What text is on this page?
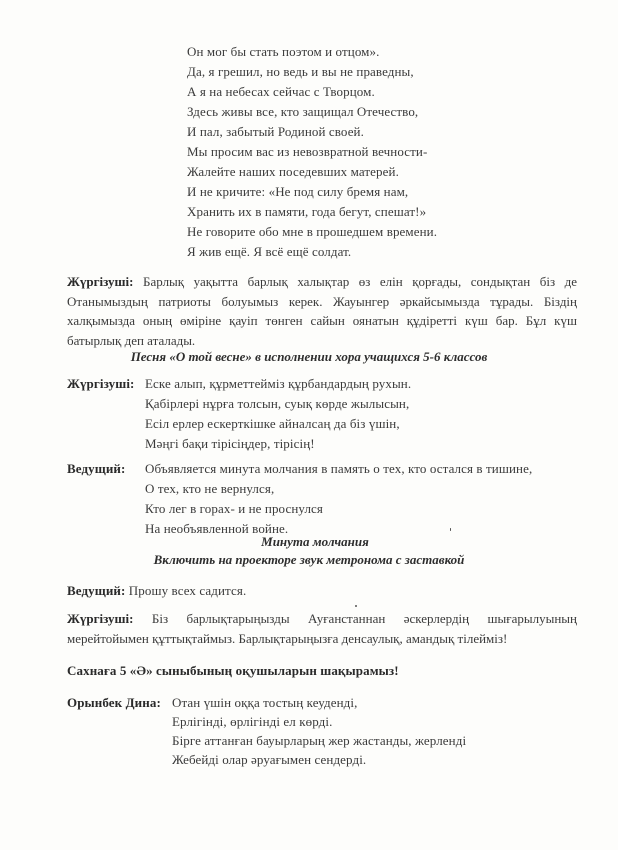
Он мог бы стать поэтом и отцом».
Да, я грешил, но ведь и вы не праведны,
А я на небесах сейчас с Творцом.
Здесь живы все, кто защищал Отечество,
И пал, забытый Родиной своей.
Мы просим вас из невозвратной вечности-
Жалейте наших поседевших матерей.
И не кричите: «Не под силу бремя нам,
Хранить их в памяти, года бегут, спешат!»
Не говорите обо мне в прошедшем времени.
Я жив ещё. Я всё ещё солдат.
Жүргізуші: Барлық уақытта барлық халықтар өз елін қорғады, сондықтан біз де Отанымыздың патриоты болуымыз керек. Жауынгер әркайсымызда тұрады. Біздің халқымызда оның өміріне қауіп төнген сайын оянатын құдіретті күш бар. Бұл күш батырлық деп аталады.
Песня «О той весне» в исполнении хора учащихся 5-6 классов
Жүргізуші: Еске алып, құрметтейміз құрбандардың рухын.
Қабірлері нұрға толсын, суық көрде жылысын,
Есіл ерлер ескерткішке айналсаң да біз үшін,
Мәңгі бақи тірісіңдер, тірісің!
Ведущий: Объявляется минута молчания в память о тех, кто остался в тишине,
О тех, кто не вернулся,
Кто лег в горах- и не проснулся
На необъявленной войне.
Минута молчания
Включить на проекторе звук метронома с заставкой
Ведущий: Прошу всех садится.
Жүргізуші: Біз барлықтарыңызды Ауғанстаннан әскерлердің шығарылуының мерейтойымен құттықтаймыз. Барлықтарыңызға денсаулық, амандық тілейміз!
Сахнаға 5 «Ә» сыныбының оқушыларын шақырамыз!
Орынбек Дина: Отан үшін оққа тостың кеуденді,
Ерлігінді, өрлігінді ел көрді.
Бірге аттанған бауырларың жер жастанды, жерлендi
Жебейді олар әруағымен сендерді.
